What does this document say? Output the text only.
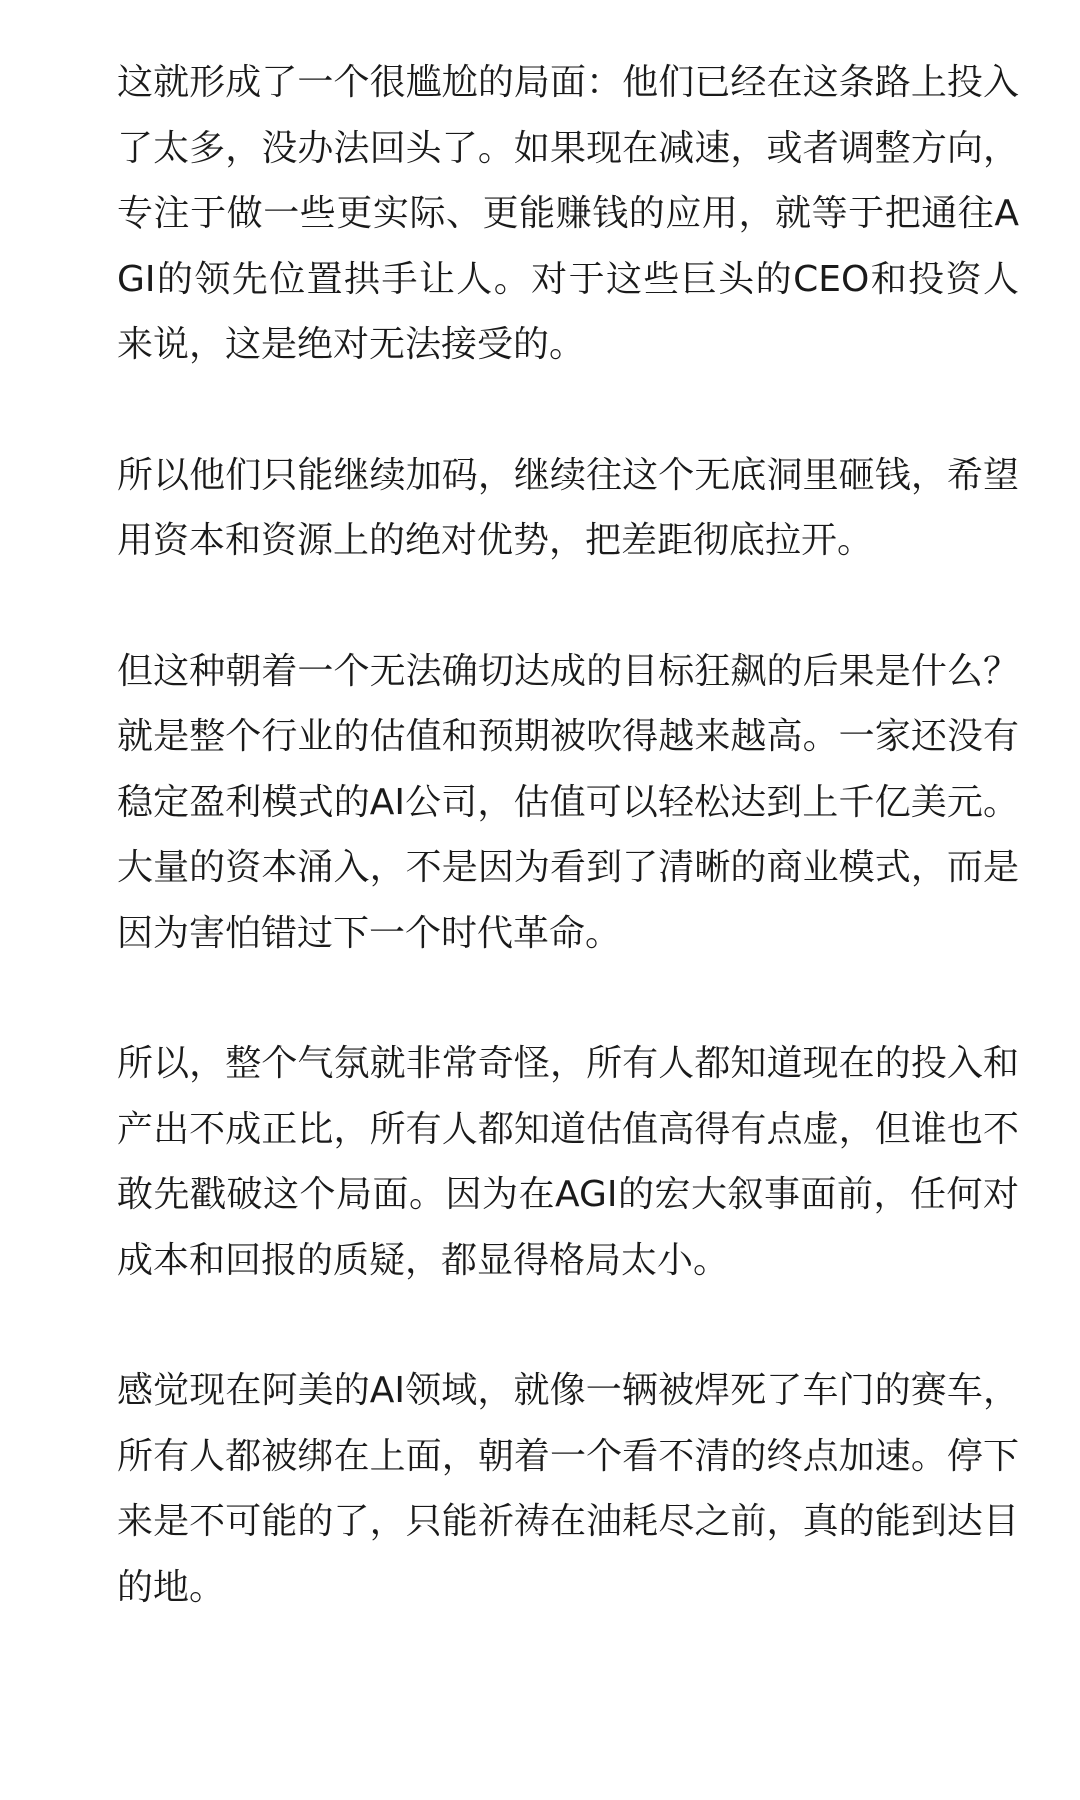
这就形成了一个很尴尬的局面：他们已经在这条路上投入了太多，没办法回头了。如果现在减速，或者调整方向，专注于做一些更实际、更能赚钱的应用，就等于把通往AGI的领先位置拱手让人。对于这些巨头的CEO和投资人来说，这是绝对无法接受的。

所以他们只能继续加码，继续往这个无底洞里砸钱，希望用资本和资源上的绝对优势，把差距彻底拉开。

但这种朝着一个无法确切达成的目标狂飙的后果是什么？就是整个行业的估值和预期被吹得越来越高。一家还没有稳定盈利模式的AI公司，估值可以轻松达到上千亿美元。大量的资本涌入，不是因为看到了清晰的商业模式，而是因为害怕错过下一个时代革命。

所以，整个气氛就非常奇怪，所有人都知道现在的投入和产出不成正比，所有人都知道估值高得有点虚，但谁也不敢先戳破这个局面。因为在AGI的宏大叙事面前，任何对成本和回报的质疑，都显得格局太小。

感觉现在阿美的AI领域，就像一辆被焊死了车门的赛车，所有人都被绑在上面，朝着一个看不清的终点加速。停下来是不可能的了，只能祈祷在油耗尽之前，真的能到达目的地。
